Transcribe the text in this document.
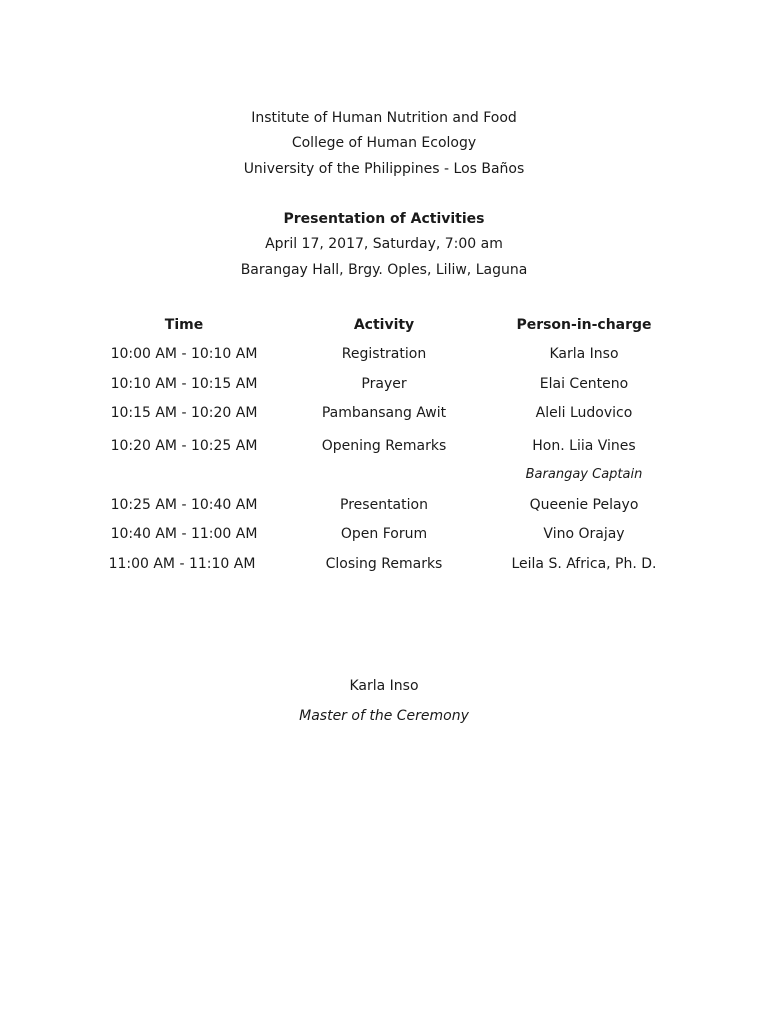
Institute of Human Nutrition and Food
College of Human Ecology
University of the Philippines - Los Baños
Presentation of Activities
April 17, 2017, Saturday, 7:00 am
Barangay Hall, Brgy. Oples, Liliw, Laguna
Time	Activity	Person-in-charge
10:00 AM - 10:10 AM	Registration	Karla Inso
10:10 AM - 10:15 AM	Prayer	Elai Centeno
10:15 AM - 10:20 AM	Pambansang Awit	Aleli Ludovico
10:20 AM - 10:25 AM	Opening Remarks	Hon. Liia Vines
Barangay Captain
10:25 AM - 10:40 AM	Presentation	Queenie Pelayo
10:40 AM - 11:00 AM	Open Forum	Vino Orajay
11:00 AM - 11:10 AM	Closing Remarks	Leila S. Africa, Ph. D.
Karla Inso
Master of the Ceremony
